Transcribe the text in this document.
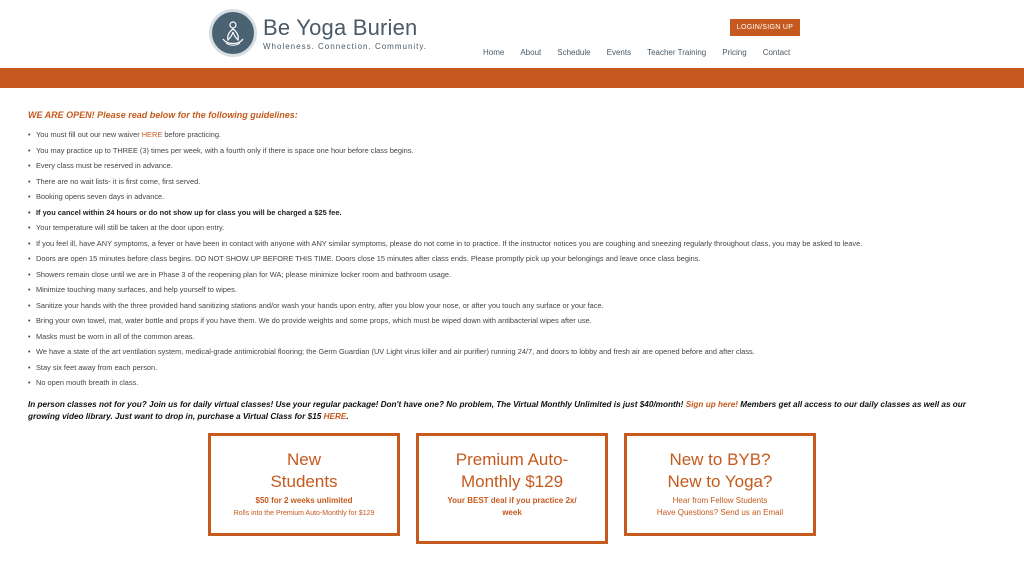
Be Yoga Burien
Wholeness. Connection. Community.
LOGIN/SIGN UP
Home About Schedule Events Teacher Training Pricing Contact
WE ARE OPEN! Please read below for the following guidelines:
• You must fill out our new waiver HERE before practicing.
• You may practice up to THREE (3) times per week, with a fourth only if there is space one hour before class begins.
• Every class must be reserved in advance.
• There are no wait lists- it is first come, first served.
• Booking opens seven days in advance.
• If you cancel within 24 hours or do not show up for class you will be charged a $25 fee.
• Your temperature will still be taken at the door upon entry.
• If you feel ill, have ANY symptoms, a fever or have been in contact with anyone with ANY similar symptoms, please do not come in to practice. If the instructor notices you are coughing and sneezing regularly throughout class, you may be asked to leave.
• Doors are open 15 minutes before class begins. DO NOT SHOW UP BEFORE THIS TIME. Doors close 15 minutes after class ends. Please promptly pick up your belongings and leave once class begins.
• Showers remain close until we are in Phase 3 of the reopening plan for WA; please minimize locker room and bathroom usage.
• Minimize touching many surfaces, and help yourself to wipes.
• Sanitize your hands with the three provided hand sanitizing stations and/or wash your hands upon entry, after you blow your nose, or after you touch any surface or your face.
• Bring your own towel, mat, water bottle and props if you have them. We do provide weights and some props, which must be wiped down with antibacterial wipes after use.
• Masks must be worn in all of the common areas.
• We have a state of the art ventilation system, medical-grade antimicrobial flooring; the Germ Guardian (UV Light virus killer and air purifier) running 24/7, and doors to lobby and fresh air are opened before and after class.
• Stay six feet away from each person.
• No open mouth breath in class.

In person classes not for you? Join us for daily virtual classes! Use your regular package! Don't have one? No problem, The Virtual Monthly Unlimited is just $40/month! Sign up here! Members get all access to our daily classes as well as our growing video library. Just want to drop in, purchase a Virtual Class for $15 HERE.

New
Students
$50 for 2 weeks unlimited
Rolls into the Premium Auto-Monthly for $129
Premium Auto-
Monthly $129
Your BEST deal if you practice 2x/
week
New to BYB?
New to Yoga?
Hear from Fellow Students
Have Questions? Send us an Email
